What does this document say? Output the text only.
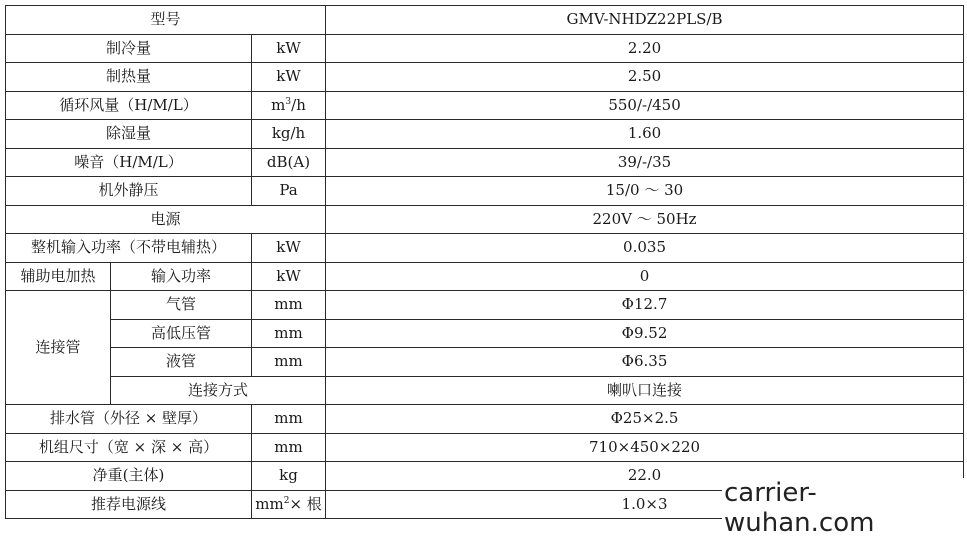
型号			GMV-NHDZ22PLS/B
制冷量		kW	2.20
制热量		kW	2.50
循环风量（H/M/L）		$m^3/h$	550/-/450
除湿量		kg/h	1.60
噪音（H/M/L）		dB(A)	39/-/35
机外静压		Pa	15/0 ～ 30
电源			220V ～ 50Hz
整机输入功率（不带电辅热）		kW	0.035
辅助电加热	输入功率	kW	0
连接管	气管	mm	Φ12.7
	高低压管	mm	Φ9.52
	液管	mm	Φ6.35
	连接方式		喇叭口连接
排水管（外径 × 壁厚）		mm	Φ25×2.5
机组尺寸（宽 × 深 × 高）		mm	710×450×220
净重(主体)		kg	22.0
推荐电源线		$mm^2\times$ 根	1.0×3 carrier-wuhan.com
